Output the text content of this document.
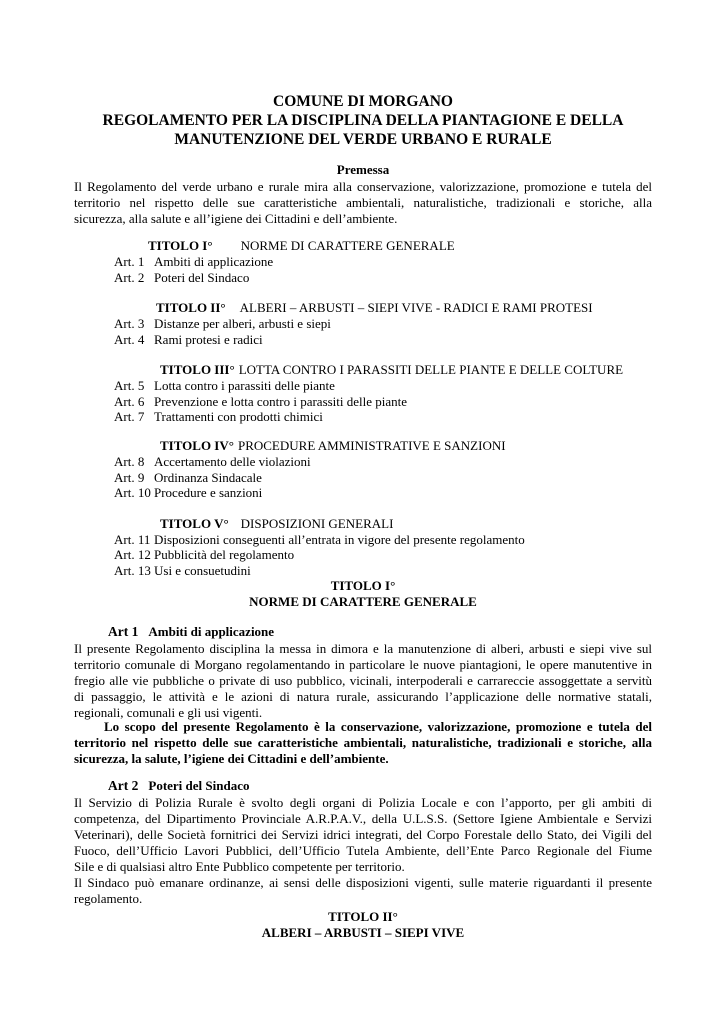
COMUNE DI MORGANO
REGOLAMENTO PER LA DISCIPLINA DELLA PIANTAGIONE E DELLA
MANUTENZIONE DEL VERDE URBANO E RURALE
Premessa
Il Regolamento del verde urbano e rurale mira alla conservazione, valorizzazione, promozione e tutela del
territorio nel rispetto delle sue caratteristiche ambientali, naturalistiche, tradizionali e storiche, alla
sicurezza, alla salute e all’igiene dei Cittadini e dell’ambiente.
TITOLO I° NORME DI CARATTERE GENERALE
Art. 1 Ambiti di applicazione
Art. 2 Poteri del Sindaco
TITOLO II° ALBERI – ARBUSTI – SIEPI VIVE - RADICI E RAMI PROTESI
Art. 3 Distanze per alberi, arbusti e siepi
Art. 4 Rami protesi e radici
TITOLO III° LOTTA CONTRO I PARASSITI DELLE PIANTE E DELLE COLTURE
Art. 5 Lotta contro i parassiti delle piante
Art. 6 Prevenzione e lotta contro i parassiti delle piante
Art. 7 Trattamenti con prodotti chimici
TITOLO IV° PROCEDURE AMMINISTRATIVE E SANZIONI
Art. 8 Accertamento delle violazioni
Art. 9 Ordinanza Sindacale
Art. 10 Procedure e sanzioni
TITOLO V° DISPOSIZIONI GENERALI
Art. 11 Disposizioni conseguenti all’entrata in vigore del presente regolamento
Art. 12 Pubblicità del regolamento
Art. 13 Usi e consuetudini
TITOLO I°
NORME DI CARATTERE GENERALE
Art 1 Ambiti di applicazione
Il presente Regolamento disciplina la messa in dimora e la manutenzione di alberi, arbusti e siepi vive sul
territorio comunale di Morgano regolamentando in particolare le nuove piantagioni, le opere manutentive in
fregio alle vie pubbliche o private di uso pubblico, vicinali, interpoderali e carrareccie assoggettate a servitù
di passaggio, le attività e le azioni di natura rurale, assicurando l’applicazione delle normative statali,
regionali, comunali e gli usi vigenti.
Lo scopo del presente Regolamento è la conservazione, valorizzazione, promozione e tutela del
territorio nel rispetto delle sue caratteristiche ambientali, naturalistiche, tradizionali e storiche, alla
sicurezza, la salute, l’igiene dei Cittadini e dell’ambiente.
Art 2 Poteri del Sindaco
Il Servizio di Polizia Rurale è svolto degli organi di Polizia Locale e con l’apporto, per gli ambiti di
competenza, del Dipartimento Provinciale A.R.P.A.V., della U.L.S.S. (Settore Igiene Ambientale e Servizi
Veterinari), delle Società fornitrici dei Servizi idrici integrati, del Corpo Forestale dello Stato, dei Vigili del
Fuoco, dell’Ufficio Lavori Pubblici, dell’Ufficio Tutela Ambiente, dell’Ente Parco Regionale del Fiume
Sile e di qualsiasi altro Ente Pubblico competente per territorio.
Il Sindaco può emanare ordinanze, ai sensi delle disposizioni vigenti, sulle materie riguardanti il presente
regolamento.
TITOLO II°
ALBERI – ARBUSTI – SIEPI VIVE
